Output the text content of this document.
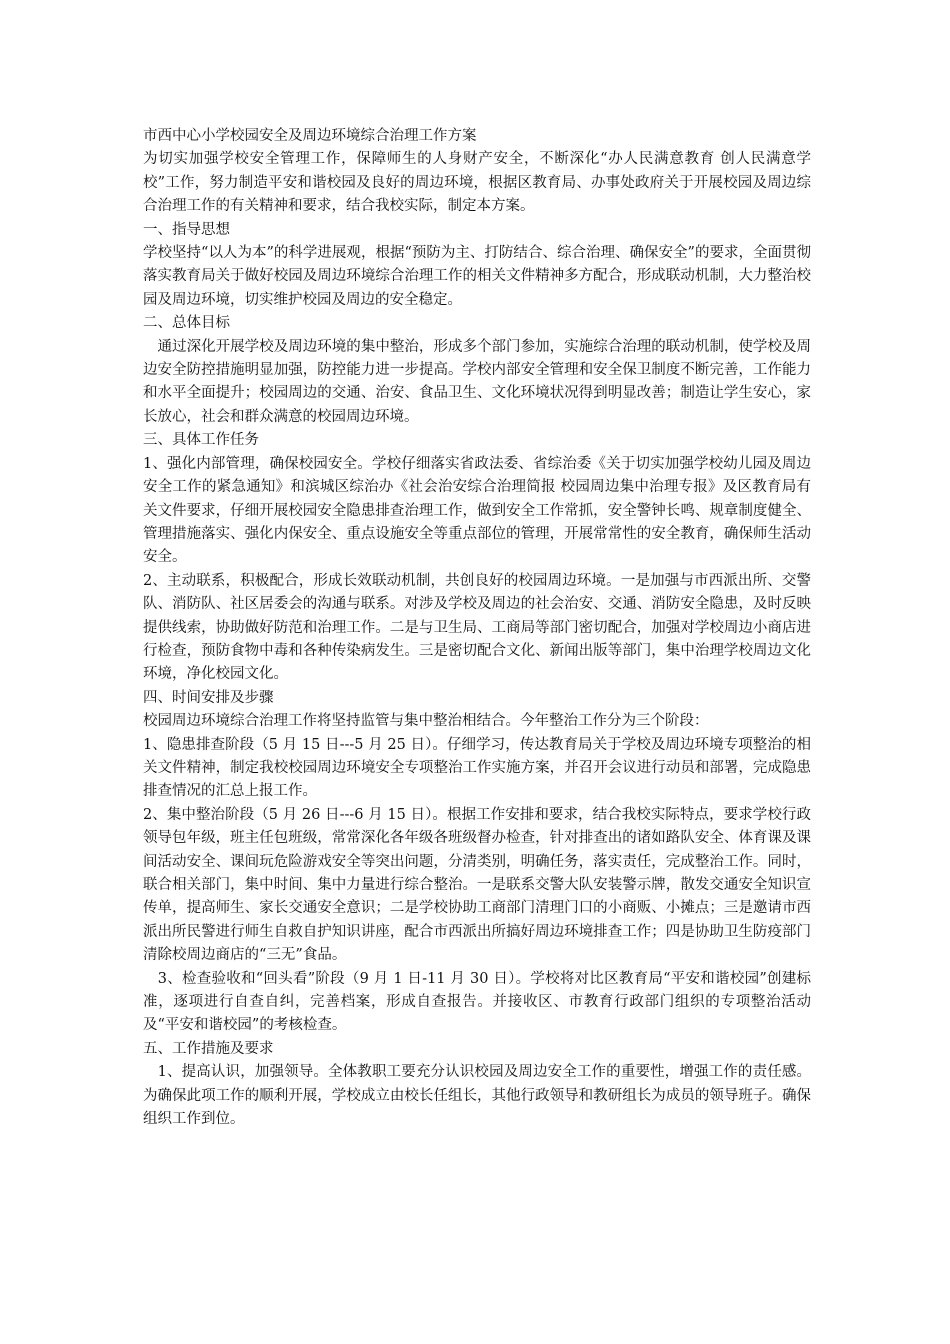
市西中心小学校园安全及周边环境综合治理工作方案

为切实加强学校安全管理工作，保障师生的人身财产安全，不断深化“办人民满意教育 创人民满意学校”工作，努力制造平安和谐校园及良好的周边环境，根据区教育局、办事处政府关于开展校园及周边综合治理工作的有关精神和要求，结合我校实际，制定本方案。

一、指导思想

学校坚持“以人为本”的科学进展观，根据“预防为主、打防结合、综合治理、确保安全”的要求，全面贯彻落实教育局关于做好校园及周边环境综合治理工作的相关文件精神多方配合，形成联动机制，大力整治校园及周边环境，切实维护校园及周边的安全稳定。

二、总体目标

　通过深化开展学校及周边环境的集中整治，形成多个部门参加，实施综合治理的联动机制，使学校及周边安全防控措施明显加强，防控能力进一步提高。学校内部安全管理和安全保卫制度不断完善，工作能力和水平全面提升；校园周边的交通、治安、食品卫生、文化环境状况得到明显改善；制造让学生安心，家长放心，社会和群众满意的校园周边环境。

三、具体工作任务

1、强化内部管理，确保校园安全。学校仔细落实省政法委、省综治委《关于切实加强学校幼儿园及周边安全工作的紧急通知》和滨城区综治办《社会治安综合治理简报 校园周边集中治理专报》及区教育局有关文件要求，仔细开展校园安全隐患排查治理工作，做到安全工作常抓，安全警钟长鸣、规章制度健全、管理措施落实、强化内保安全、重点设施安全等重点部位的管理，开展常常性的安全教育，确保师生活动安全。

2、主动联系，积极配合，形成长效联动机制，共创良好的校园周边环境。一是加强与市西派出所、交警队、消防队、社区居委会的沟通与联系。对涉及学校及周边的社会治安、交通、消防安全隐患，及时反映提供线索，协助做好防范和治理工作。二是与卫生局、工商局等部门密切配合，加强对学校周边小商店进行检查，预防食物中毒和各种传染病发生。三是密切配合文化、新闻出版等部门，集中治理学校周边文化环境，净化校园文化。

四、时间安排及步骤

校园周边环境综合治理工作将坚持监管与集中整治相结合。今年整治工作分为三个阶段：

1、隐患排查阶段（5 月 15 日---5 月 25 日）。仔细学习，传达教育局关于学校及周边环境专项整治的相关文件精神，制定我校校园周边环境安全专项整治工作实施方案，并召开会议进行动员和部署，完成隐患排查情况的汇总上报工作。

2、集中整治阶段（5 月 26 日---6 月 15 日）。根据工作安排和要求，结合我校实际特点，要求学校行政领导包年级，班主任包班级，常常深化各年级各班级督办检查，针对排查出的诸如路队安全、体育课及课间活动安全、课间玩危险游戏安全等突出问题，分清类别，明确任务，落实责任，完成整治工作。同时，联合相关部门，集中时间、集中力量进行综合整治。一是联系交警大队安装警示牌，散发交通安全知识宣传单，提高师生、家长交通安全意识；二是学校协助工商部门清理门口的小商贩、小摊点；三是邀请市西派出所民警进行师生自救自护知识讲座，配合市西派出所搞好周边环境排查工作；四是协助卫生防疫部门清除校周边商店的“三无”食品。

　3、检查验收和“回头看”阶段（9 月 1 日-11 月 30 日）。学校将对比区教育局“平安和谐校园”创建标准，逐项进行自查自纠，完善档案，形成自查报告。并接收区、市教育行政部门组织的专项整治活动及“平安和谐校园”的考核检查。

五、工作措施及要求

　1、提高认识，加强领导。全体教职工要充分认识校园及周边安全工作的重要性，增强工作的责任感。为确保此项工作的顺利开展，学校成立由校长任组长，其他行政领导和教研组长为成员的领导班子。确保组织工作到位。
